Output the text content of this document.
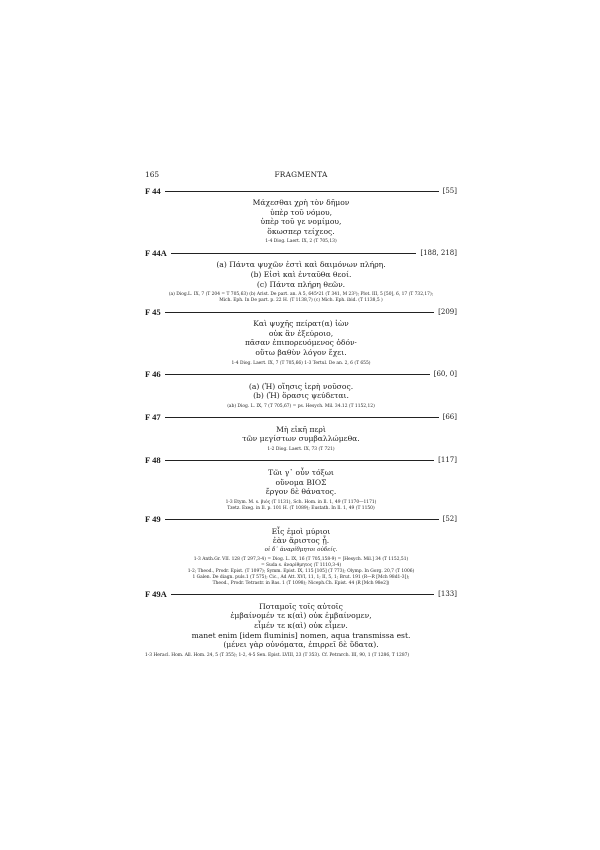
165	FRAGMENTA
F 44	[55]
Μάχεσθαι χρὴ τὸν δῆμον
ὑπὲρ τοῦ νόμου,
ὑπὲρ τοῦ γε νομίμου,
ὅκωσπερ τείχεος.
1-4 Diog. Laert. IX, 2 (T 705,13)
F 44A	[188, 218]
(a) Πάντα ψυχῶν ἐστὶ καὶ δαιμόνων πλήρη.
(b) Εἰσὶ καὶ ἐνταῦθα θεοί.
(c) Πάντα πλήρη θεῶν.
(a) Diog.L. IX, 7 (T 204 = T 705,63) (b) Arist. De part. an. A 5, 645ᵃ21 (T 341, M 23²); Plot. III, 5 [50], 6, 17 (T 732,17);
Mich. Eph. In De part. p. 22 H. (T 1138,7) (c) Mich. Eph. ibid. (T 1138,5 )
F 45	[209]
Καὶ ψυχῆς πείρατ(α) ἰὼν
οὐκ ἂν ἐξεύροιο,
πᾶσαν ἐπιπορευόμενος ὁδόν·
οὕτω βαθὺν λόγον ἔχει.
1-4 Diog. Laert. IX, 7 (T 705,66) 1-3 Tertul. De an. 2, 6 (T 655)
F 46	[60, 0]
(a) (Ἡ) οἴησις ἱερὴ νοῦσος.
(b) (Ἡ) ὅρασις ψεύδεται.
(ab) Diog. L. IX, 7 (T 705,67) = ps. Hesych. Mil. 34.12 (T 1152,12)
F 47	[66]
Μὴ εἰκῆ περὶ
τῶν μεγίστων συμβαλλώμεθα.
1-2 Diog. Laert. IX, 73 (T 721)
F 48	[117]
Τῶι γ᾽ οὖν τόξωι
οὔνομα ΒΙΟΣ
ἔργον δὲ θάνατος.
1-3 Etym. M. s. βιός (T 1131), Sch. Hom. in Il. 1, 49 (T 1170—1171)
Tzetz. Exeg. in Il. p. 101 H. (T 1089); Eustath. In Il. 1, 49 (T 1150)
F 49	[52]
Εἷς ἐμοὶ μύριοι
ἐὰν ἄριστος ᾖ.
οἱ δ᾽ ἀναρίθμητοι οὐδείς.
1-3 Anth.Gr. VII. 128 (T 297,3-4) = Diog. L. IX, 16 (T 705,158-9) = [Hesych. Mil.] 34 (T 1152,51)
= Suda s. ἀναρίθμητος (T 1110,3-4)
1-2; Theod., Prodr. Epist. (T 1097); Symm. Epist. IX, 115 [105] (T 773); Olymp. In Gorg. 20,7 (T 1006)
1 Galen. De diagn. puls.1 (T 575); Cic., Ad Att. XVI, 11, 1; II, 5, 1; Brut. 191 (R—R [Mch 98d1-3]);
Theod., Prodr. Tetrastr. in Bas. 1 (T 1098); Niceph.Ch. Epist. 44 (R [Mch 98e2])
F 49A	[133]
Ποταμοῖς τοῖς αὐτοῖς
ἐμβαίνομέν τε κ(αὶ) οὐκ ἐμβαίνομεν,
εἶμέν τε κ(αὶ) οὐκ εἶμεν.
manet enim [idem fluminis] nomen, aqua transmissa est.
(μένει γὰρ οὐνόματα, ἐπιρρεῖ δὲ ὕδατα).
1-3 Heracl. Hom. All. Hom. 24, 5 (T 355); 1-2, 4-5 Sen. Epist. LVIII, 23 (T 353). Cf. Petrarch. III, 90, 1 (T 1286, T 1287)
